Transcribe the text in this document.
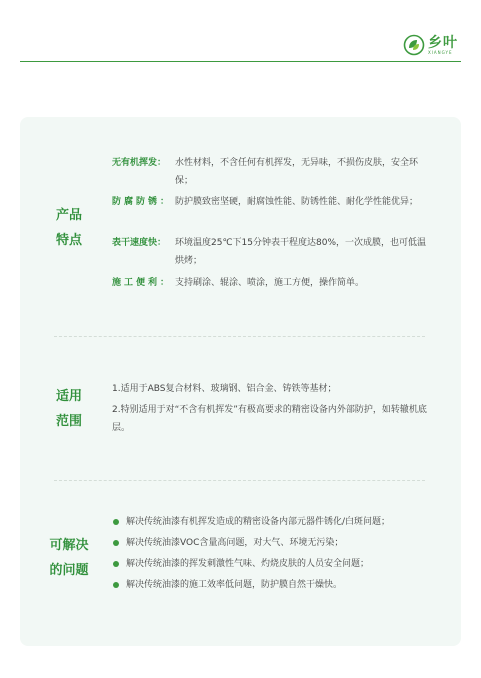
乡叶
XIANGYE
产品
特点
无有机挥发： 水性材料，不含任何有机挥发，无异味，不损伤皮肤，安全环保；
防腐防锈： 防护膜致密坚硬，耐腐蚀性能、防锈性能、耐化学性能优异；
表干速度快： 环境温度25℃下15分钟表干程度达80%，一次成膜，也可低温烘烤；
施工便利： 支持刷涂、辊涂、喷涂，施工方便，操作简单。
适用
范围
1.适用于ABS复合材料、玻璃钢、铝合金、铸铁等基材；
2.特别适用于对“不含有机挥发”有极高要求的精密设备内外部防护，如转辙机底层。
可解决
的问题
解决传统油漆有机挥发造成的精密设备内部元器件锈化/白斑问题；
解决传统油漆VOC含量高问题，对大气、环境无污染；
解决传统油漆的挥发刺激性气味、灼烧皮肤的人员安全问题；
解决传统油漆的施工效率低问题，防护膜自然干燥快。
